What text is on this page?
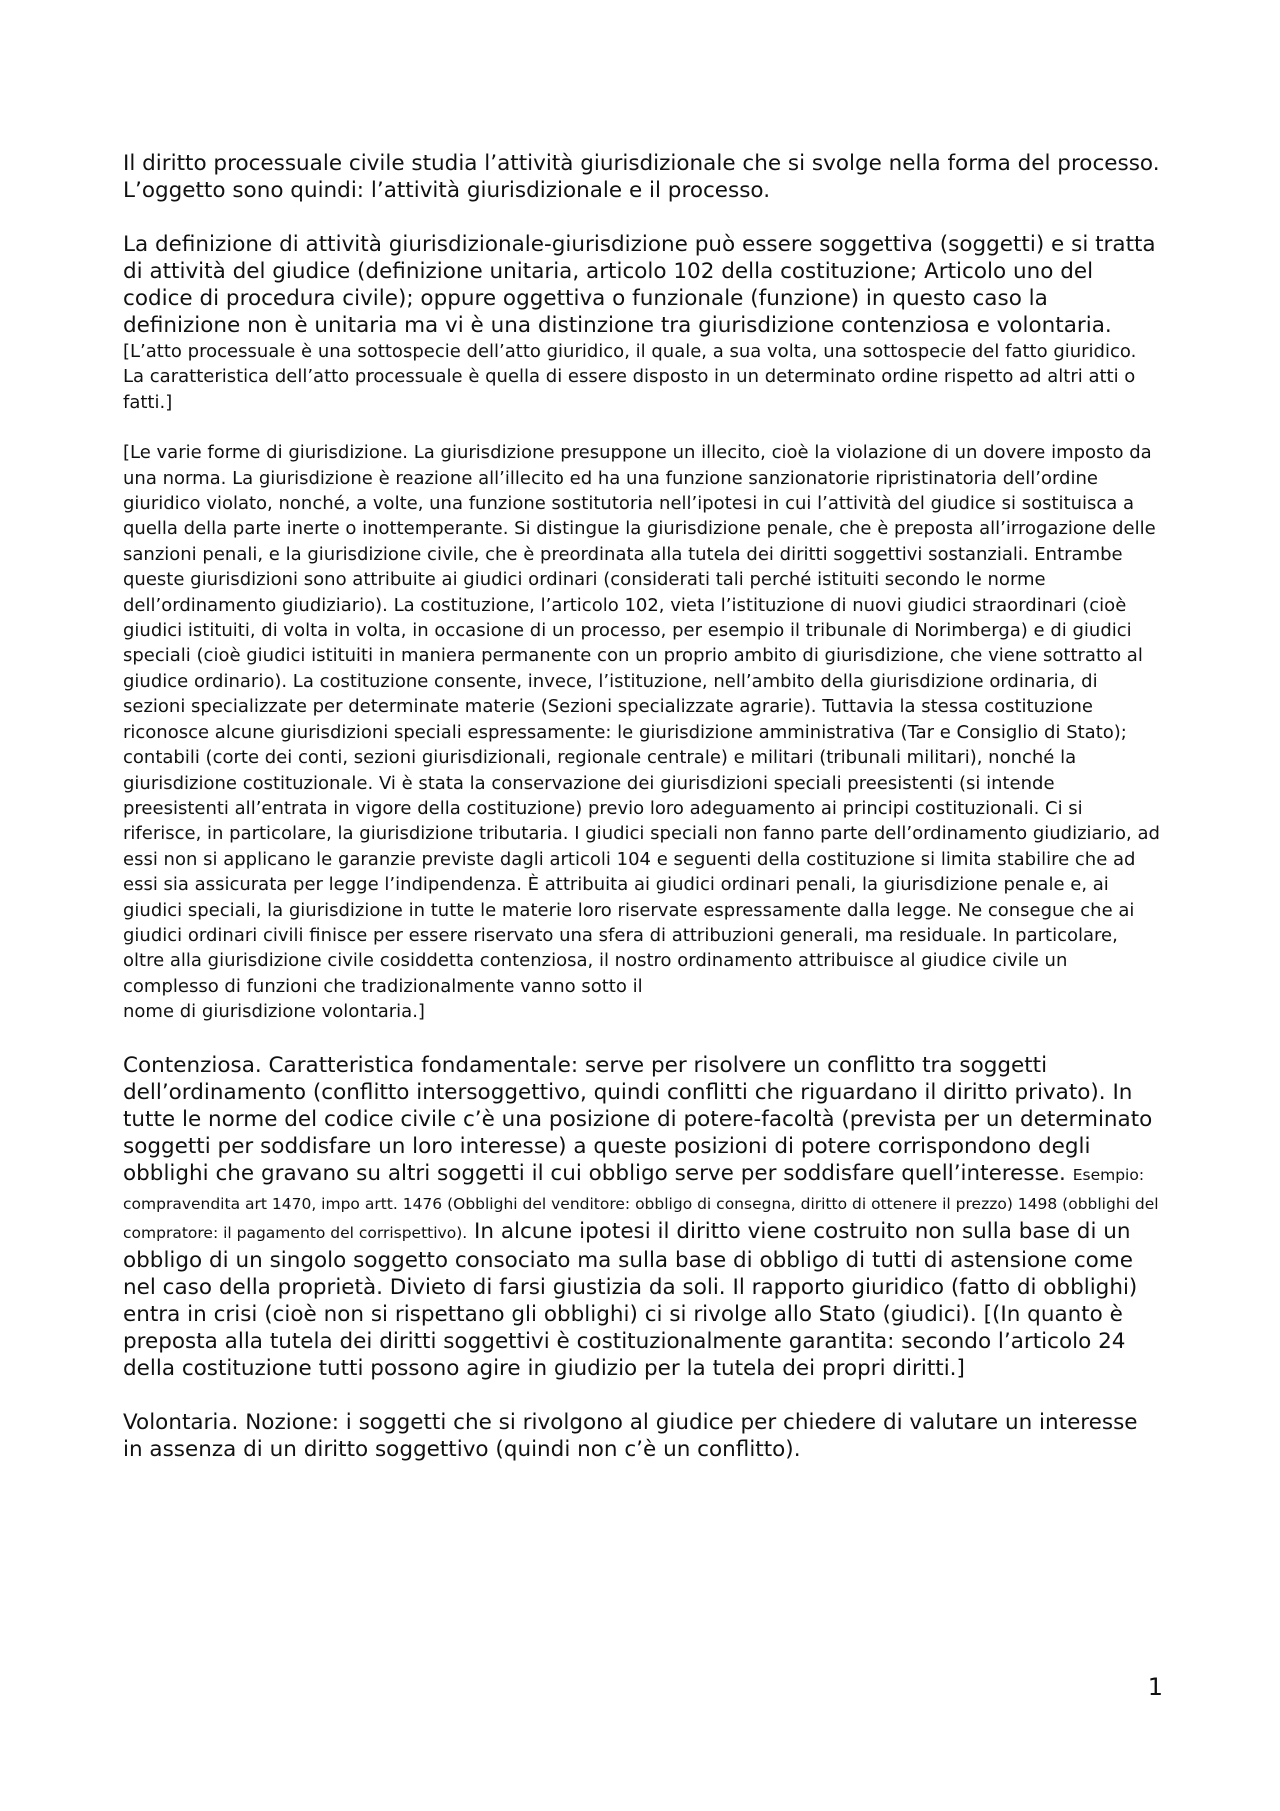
Il diritto processuale civile studia l’attività giurisdizionale che si svolge nella forma del processo. L’oggetto sono quindi: l’attività giurisdizionale e il processo.

La definizione di attività giurisdizionale-giurisdizione può essere soggettiva (soggetti) e si tratta di attività del giudice (definizione unitaria, articolo 102 della costituzione; Articolo uno del codice di procedura civile); oppure oggettiva o funzionale (funzione) in questo caso la definizione non è unitaria ma vi è una distinzione tra giurisdizione contenziosa e volontaria.

[L’atto processuale è una sottospecie dell’atto giuridico, il quale, a sua volta, una sottospecie del fatto giuridico. La caratteristica dell’atto processuale è quella di essere disposto in un determinato ordine rispetto ad altri atti o fatti.]

[Le varie forme di giurisdizione. La giurisdizione presuppone un illecito, cioè la violazione di un dovere imposto da una norma. La giurisdizione è reazione all’illecito ed ha una funzione sanzionatorie ripristinatoria dell’ordine giuridico violato, nonché, a volte, una funzione sostitutoria nell’ipotesi in cui l’attività del giudice si sostituisca a quella della parte inerte o inottemperante. Si distingue la giurisdizione penale, che è preposta all’irrogazione delle sanzioni penali, e la giurisdizione civile, che è preordinata alla tutela dei diritti soggettivi sostanziali. Entrambe queste giurisdizioni sono attribuite ai giudici ordinari (considerati tali perché istituiti secondo le norme dell’ordinamento giudiziario). La costituzione, l’articolo 102, vieta l’istituzione di nuovi giudici straordinari (cioè giudici istituiti, di volta in volta, in occasione di un processo, per esempio il tribunale di Norimberga) e di giudici speciali (cioè giudici istituiti in maniera permanente con un proprio ambito di giurisdizione, che viene sottratto al giudice ordinario). La costituzione consente, invece, l’istituzione, nell’ambito della giurisdizione ordinaria, di sezioni specializzate per determinate materie (Sezioni specializzate agrarie). Tuttavia la stessa costituzione riconosce alcune giurisdizioni speciali espressamente: le giurisdizione amministrativa (Tar e Consiglio di Stato); contabili (corte dei conti, sezioni giurisdizionali, regionale centrale) e militari (tribunali militari), nonché la giurisdizione costituzionale. Vi è stata la conservazione dei giurisdizioni speciali preesistenti (si intende preesistenti all’entrata in vigore della costituzione) previo loro adeguamento ai principi costituzionali. Ci si riferisce, in particolare, la giurisdizione tributaria. I giudici speciali non fanno parte dell’ordinamento giudiziario, ad essi non si applicano le garanzie previste dagli articoli 104 e seguenti della costituzione si limita stabilire che ad essi sia assicurata per legge l’indipendenza. È attribuita ai giudici ordinari penali, la giurisdizione penale e, ai giudici speciali, la giurisdizione in tutte le materie loro riservate espressamente dalla legge. Ne consegue che ai giudici ordinari civili finisce per essere riservato una sfera di attribuzioni generali, ma residuale. In particolare, oltre alla giurisdizione civile cosiddetta contenziosa, il nostro ordinamento attribuisce al giudice civile un complesso di funzioni che tradizionalmente vanno sotto il

nome di giurisdizione volontaria.]

Contenziosa. Caratteristica fondamentale: serve per risolvere un conflitto tra soggetti dell’ordinamento (conflitto intersoggettivo, quindi conflitti che riguardano il diritto privato). In tutte le norme del codice civile c’è una posizione di potere-facoltà (prevista per un determinato soggetti per soddisfare un loro interesse) a queste posizioni di potere corrispondono degli obblighi che gravano su altri soggetti il cui obbligo serve per soddisfare quell’interesse. Esempio: compravendita art 1470, impo artt. 1476 (Obblighi del venditore: obbligo di consegna, diritto di ottenere il prezzo) 1498 (obblighi del compratore: il pagamento del corrispettivo). In alcune ipotesi il diritto viene costruito non sulla base di un obbligo di un singolo soggetto consociato ma sulla base di obbligo di tutti di astensione come nel caso della proprietà. Divieto di farsi giustizia da soli. Il rapporto giuridico (fatto di obblighi) entra in crisi (cioè non si rispettano gli obblighi) ci si rivolge allo Stato (giudici). [(In quanto è preposta alla tutela dei diritti soggettivi è costituzionalmente garantita: secondo l’articolo 24 della costituzione tutti possono agire in giudizio per la tutela dei propri diritti.]

Volontaria. Nozione: i soggetti che si rivolgono al giudice per chiedere di valutare un interesse in assenza di un diritto soggettivo (quindi non c’è un conflitto).

1
